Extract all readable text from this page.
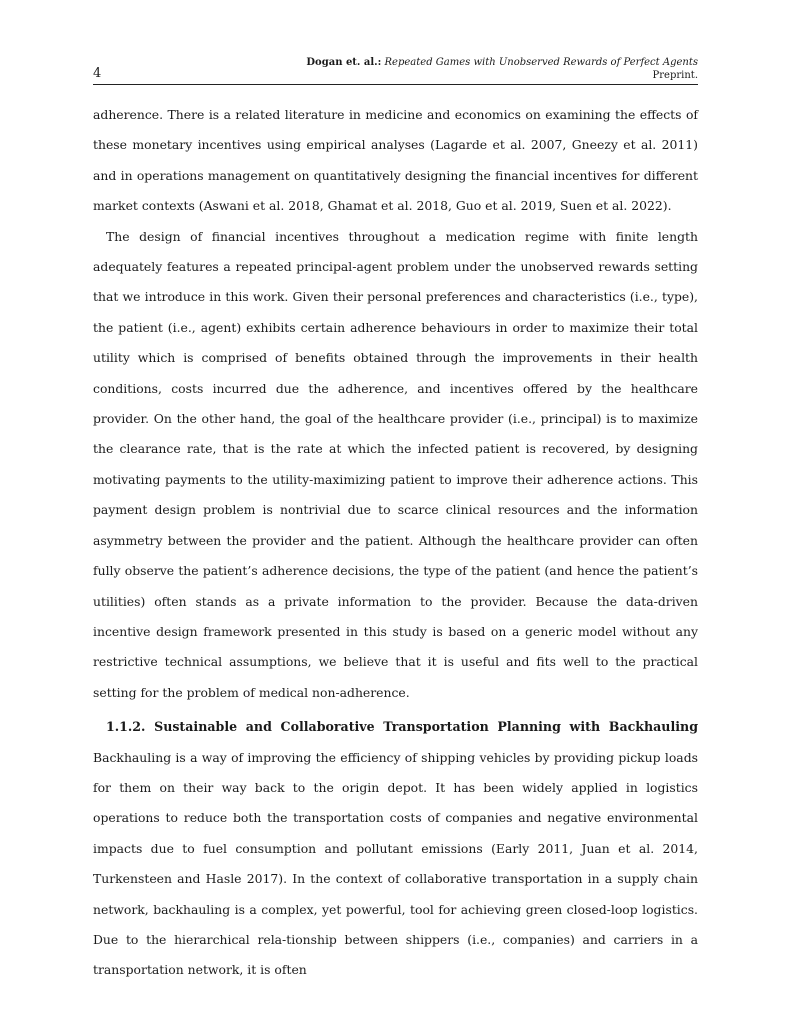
4
Dogan et. al.: Repeated Games with Unobserved Rewards of Perfect Agents
Preprint.

adherence. There is a related literature in medicine and economics on examining the effects of these monetary incentives using empirical analyses (Lagarde et al. 2007, Gneezy et al. 2011) and in operations management on quantitatively designing the financial incentives for different market contexts (Aswani et al. 2018, Ghamat et al. 2018, Guo et al. 2019, Suen et al. 2022).

The design of financial incentives throughout a medication regime with finite length adequately features a repeated principal-agent problem under the unobserved rewards setting that we introduce in this work. Given their personal preferences and characteristics (i.e., type), the patient (i.e., agent) exhibits certain adherence behaviours in order to maximize their total utility which is comprised of benefits obtained through the improvements in their health conditions, costs incurred due the adherence, and incentives offered by the healthcare provider. On the other hand, the goal of the healthcare provider (i.e., principal) is to maximize the clearance rate, that is the rate at which the infected patient is recovered, by designing motivating payments to the utility-maximizing patient to improve their adherence actions. This payment design problem is nontrivial due to scarce clinical resources and the information asymmetry between the provider and the patient. Although the healthcare provider can often fully observe the patient’s adherence decisions, the type of the patient (and hence the patient’s utilities) often stands as a private information to the provider. Because the data-driven incentive design framework presented in this study is based on a generic model without any restrictive technical assumptions, we believe that it is useful and fits well to the practical setting for the problem of medical non-adherence.

1.1.2. Sustainable and Collaborative Transportation Planning with Backhauling

Backhauling is a way of improving the efficiency of shipping vehicles by providing pickup loads for them on their way back to the origin depot. It has been widely applied in logistics operations to reduce both the transportation costs of companies and negative environmental impacts due to fuel consumption and pollutant emissions (Early 2011, Juan et al. 2014, Turkensteen and Hasle 2017). In the context of collaborative transportation in a supply chain network, backhauling is a complex, yet powerful, tool for achieving green closed-loop logistics. Due to the hierarchical rela-tionship between shippers (i.e., companies) and carriers in a transportation network, it is often
